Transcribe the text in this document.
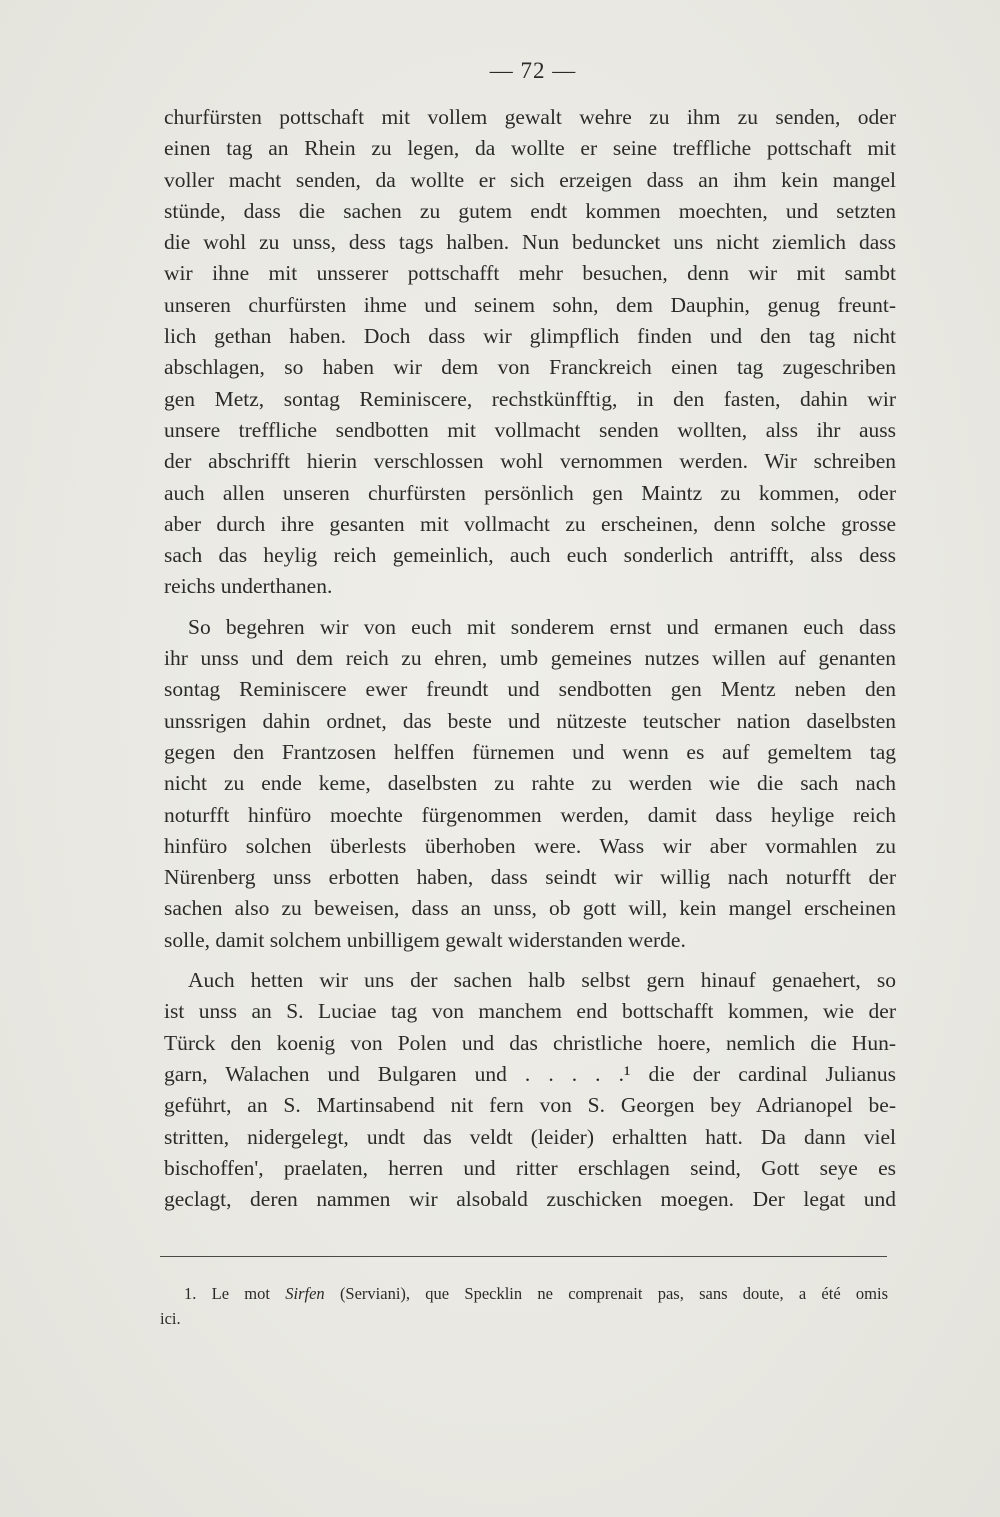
— 72 —

churfürsten pottschaft mit vollem gewalt wehre zu ihm zu senden, oder
einen tag an Rhein zu legen, da wollte er seine treffliche pottschaft mit
voller macht senden, da wollte er sich erzeigen dass an ihm kein mangel
stünde, dass die sachen zu gutem endt kommen moechten, und setzten
die wohl zu unss, dess tags halben. Nun beduncket uns nicht ziemlich dass
wir ihne mit unsserer pottschafft mehr besuchen, denn wir mit sambt
unseren churfürsten ihme und seinem sohn, dem Dauphin, genug freunt-
lich gethan haben. Doch dass wir glimpflich finden und den tag nicht
abschlagen, so haben wir dem von Franckreich einen tag zugeschriben
gen Metz, sontag Reminiscere, rechstkünfftig, in den fasten, dahin wir
unsere treffliche sendbotten mit vollmacht senden wollten, alss ihr auss
der abschrifft hierin verschlossen wohl vernommen werden. Wir schreiben
auch allen unseren churfürsten persönlich gen Maintz zu kommen, oder
aber durch ihre gesanten mit vollmacht zu erscheinen, denn solche grosse
sach das heylig reich gemeinlich, auch euch sonderlich antrifft, alss dess
reichs underthanen.

So begehren wir von euch mit sonderem ernst und ermanen euch dass
ihr unss und dem reich zu ehren, umb gemeines nutzes willen auf genanten
sontag Reminiscere ewer freundt und sendbotten gen Mentz neben den
unssrigen dahin ordnet, das beste und nützeste teutscher nation daselbsten
gegen den Frantzosen helffen fürnemen und wenn es auf gemeltem tag
nicht zu ende keme, daselbsten zu rahte zu werden wie die sach nach
noturfft hinfüro moechte fürgenommen werden, damit dass heylige reich
hinfüro solchen überlests überhoben were. Wass wir aber vormahlen zu
Nürenberg unss erbotten haben, dass seindt wir willig nach noturfft der
sachen also zu beweisen, dass an unss, ob gott will, kein mangel erscheinen
solle, damit solchem unbilligem gewalt widerstanden werde.

Auch hetten wir uns der sachen halb selbst gern hinauf genaehert, so
ist unss an S. Luciae tag von manchem end bottschafft kommen, wie der
Türck den koenig von Polen und das christliche hoere, nemlich die Hun-
garn, Walachen und Bulgaren und . . . . .¹ die der cardinal Julianus
geführt, an S. Martinsabend nit fern von S. Georgen bey Adrianopel be-
stritten, nidergelegt, undt das veldt (leider) erhaltten hatt. Da dann viel
bischoffen', praelaten, herren und ritter erschlagen seind, Gott seye es
geclagt, deren nammen wir alsobald zuschicken moegen. Der legat und

1. Le mot Sirfen (Serviani), que Specklin ne comprenait pas, sans doute, a été omis
ici.
